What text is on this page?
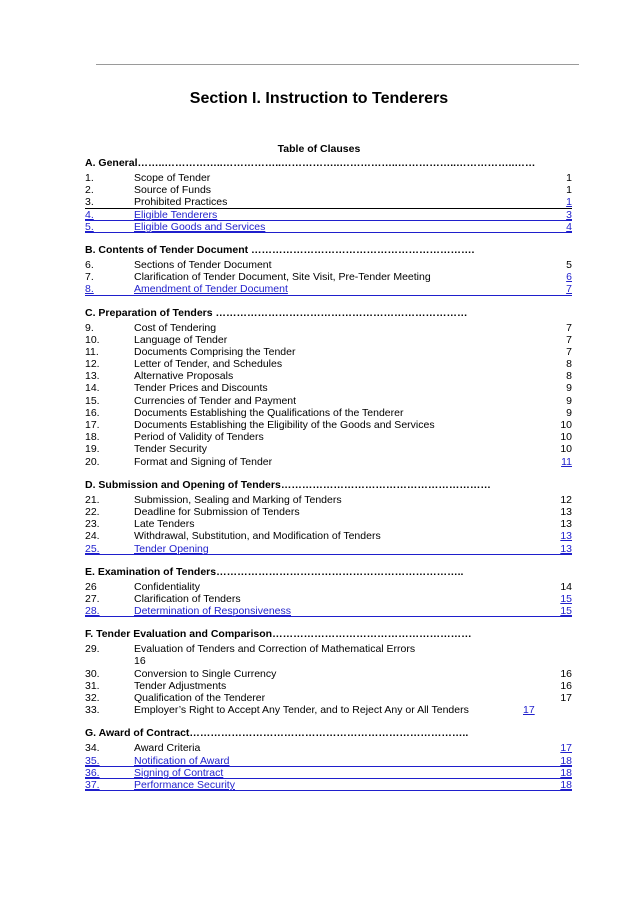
Section I. Instruction to Tenderers
Table of Clauses
A. General……..……………..……………..……………..……………..……………..……………..……
1.	Scope of Tender	1
2.	Source of Funds	1
3.	Prohibited Practices	1
4.	Eligible Tenderers	3
5.	Eligible Goods and Services	4
B. Contents of Tender Document ……………………………………………………….
6.	Sections of Tender Document	5
7.	Clarification of Tender Document, Site Visit, Pre-Tender Meeting	6
8.	Amendment of Tender Document	7
C. Preparation of Tenders ………………………………………………………………
9.	Cost of Tendering	7
10.	Language of Tender	7
11.	Documents Comprising the Tender	7
12.	Letter of Tender, and Schedules	8
13.	Alternative Proposals	8
14.	Tender Prices and Discounts	9
15.	Currencies of Tender and Payment	9
16.	Documents Establishing the Qualifications of the Tenderer	9
17.	Documents Establishing the Eligibility of the Goods and Services	10
18.	Period of Validity of Tenders	10
19.	Tender Security	10
20.	Format and Signing of Tender	11
D. Submission and Opening of Tenders……………………………………………………
21.	Submission, Sealing and Marking of Tenders	12
22.	Deadline for Submission of Tenders	13
23.	Late Tenders	13
24.	Withdrawal, Substitution, and Modification of Tenders	13
25.	Tender Opening	13
E. Examination of Tenders……………………………………………………………..
26	Confidentiality	14
27.	Clarification of Tenders	15
28.	Determination of Responsiveness	15
F. Tender Evaluation and Comparison…………………………………………………
29.	Evaluation of Tenders and Correction of Mathematical Errors
16
30.	Conversion to Single Currency	16
31.	Tender Adjustments	16
32.	Qualification of the Tenderer	17
33.	Employer’s Right to Accept Any Tender, and to Reject Any or All Tenders	17
G. Award of Contract……………………………………………………………………..
34.	Award Criteria	17
35.	Notification of Award	18
36.	Signing of Contract	18
37.	Performance Security	18
